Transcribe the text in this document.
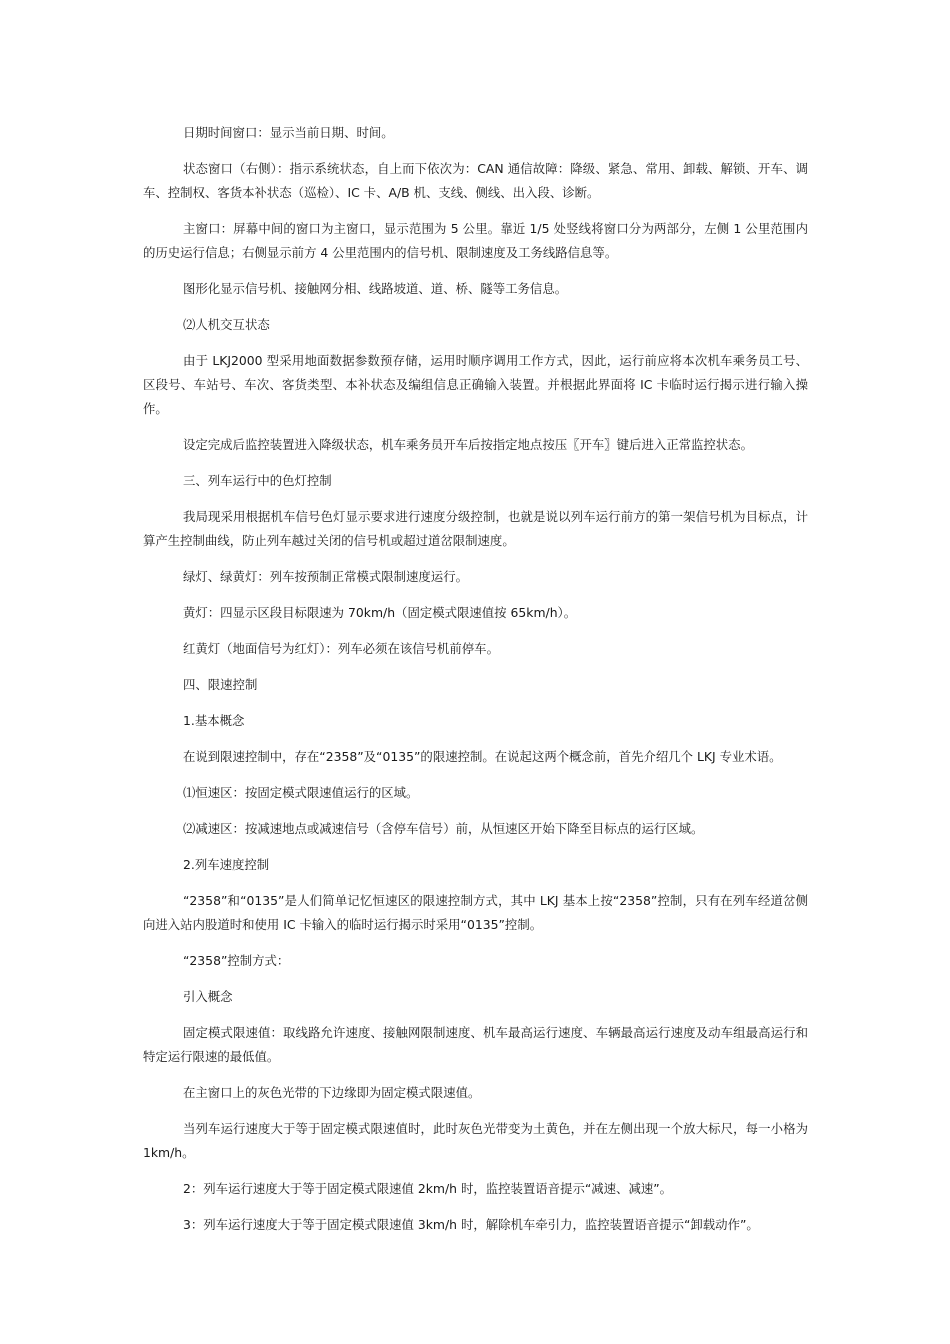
日期时间窗口：显示当前日期、时间。

状态窗口（右侧）：指示系统状态，自上而下依次为：CAN 通信故障：降级、紧急、常用、卸载、解锁、开车、调车、控制权、客货本补状态（巡检）、IC 卡、A/B 机、支线、侧线、出入段、诊断。

主窗口：屏幕中间的窗口为主窗口，显示范围为 5 公里。靠近 1/5 处竖线将窗口分为两部分，左侧 1 公里范围内的历史运行信息；右侧显示前方 4 公里范围内的信号机、限制速度及工务线路信息等。

图形化显示信号机、接触网分相、线路坡道、道、桥、隧等工务信息。

⑵人机交互状态

由于 LKJ2000 型采用地面数据参数预存储，运用时顺序调用工作方式，因此，运行前应将本次机车乘务员工号、区段号、车站号、车次、客货类型、本补状态及编组信息正确输入装置。并根据此界面将 IC 卡临时运行揭示进行输入操作。

设定完成后监控装置进入降级状态，机车乘务员开车后按指定地点按压〖开车〗键后进入正常监控状态。

三、列车运行中的色灯控制

我局现采用根据机车信号色灯显示要求进行速度分级控制，也就是说以列车运行前方的第一架信号机为目标点，计算产生控制曲线，防止列车越过关闭的信号机或超过道岔限制速度。

绿灯、绿黄灯：列车按预制正常模式限制速度运行。

黄灯：四显示区段目标限速为 70km/h（固定模式限速值按 65km/h）。

红黄灯（地面信号为红灯）：列车必须在该信号机前停车。

四、限速控制

1.基本概念

在说到限速控制中，存在“2358”及“0135”的限速控制。在说起这两个概念前，首先介绍几个 LKJ 专业术语。

⑴恒速区：按固定模式限速值运行的区域。

⑵减速区：按减速地点或减速信号（含停车信号）前，从恒速区开始下降至目标点的运行区域。

2.列车速度控制

“2358”和“0135”是人们简单记忆恒速区的限速控制方式，其中 LKJ 基本上按“2358”控制，只有在列车经道岔侧向进入站内股道时和使用 IC 卡输入的临时运行揭示时采用“0135”控制。

“2358”控制方式：

引入概念

固定模式限速值：取线路允许速度、接触网限制速度、机车最高运行速度、车辆最高运行速度及动车组最高运行和特定运行限速的最低值。

在主窗口上的灰色光带的下边缘即为固定模式限速值。

当列车运行速度大于等于固定模式限速值时，此时灰色光带变为土黄色，并在左侧出现一个放大标尺，每一小格为 1km/h。

2：列车运行速度大于等于固定模式限速值 2km/h 时，监控装置语音提示“减速、减速”。

3：列车运行速度大于等于固定模式限速值 3km/h 时，解除机车牵引力，监控装置语音提示“卸载动作”。
